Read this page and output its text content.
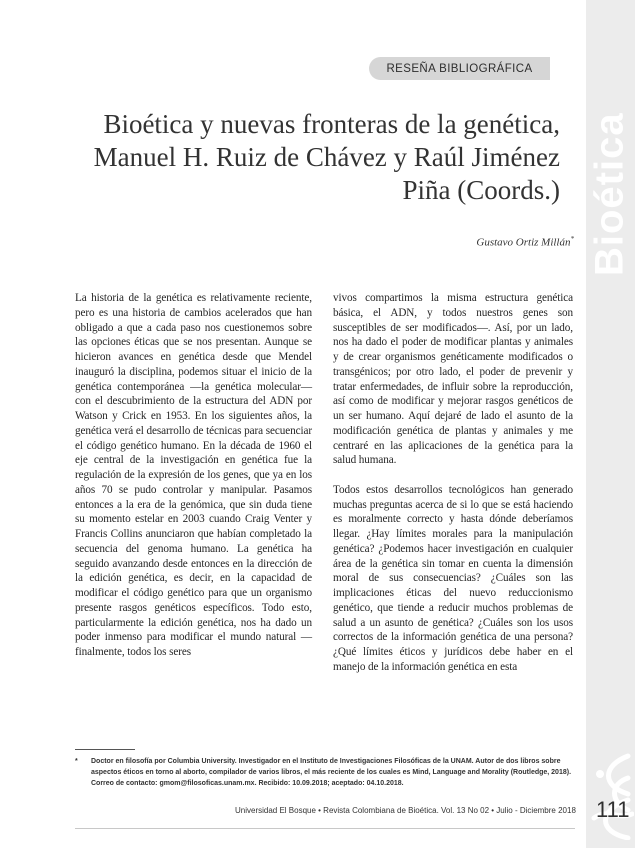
Bioética
RESEÑA BIBLIOGRÁFICA
Bioética y nuevas fronteras de la genética,
Manuel H. Ruiz de Chávez y Raúl Jiménez
Piña (Coords.)
Gustavo Ortiz Millán*

La historia de la genética es relativamente reciente, pero es una historia de cambios acelerados que han obligado a que a cada paso nos cuestionemos sobre las opciones éticas que se nos presentan. Aunque se hicieron avances en genética desde que Mendel inauguró la disciplina, podemos situar el inicio de la genética contemporánea —la genética molecular— con el descubrimiento de la estructura del ADN por Watson y Crick en 1953. En los siguientes años, la genética verá el desarrollo de técnicas para secuenciar el código genético humano. En la década de 1960 el eje central de la investigación en genética fue la regulación de la expresión de los genes, que ya en los años 70 se pudo controlar y manipular. Pasamos entonces a la era de la genómica, que sin duda tiene su momento estelar en 2003 cuando Craig Venter y Francis Collins anunciaron que habían completado la secuencia del genoma humano. La genética ha seguido avanzando desde entonces en la dirección de la edición genética, es decir, en la capacidad de modificar el código genético para que un organismo presente rasgos genéticos específicos. Todo esto, particularmente la edición genética, nos ha dado un poder inmenso para modificar el mundo natural —finalmente, todos los seres

vivos compartimos la misma estructura genética básica, el ADN, y todos nuestros genes son susceptibles de ser modificados—. Así, por un lado, nos ha dado el poder de modificar plantas y animales y de crear organismos genéticamente modificados o transgénicos; por otro lado, el poder de prevenir y tratar enfermedades, de influir sobre la reproducción, así como de modificar y mejorar rasgos genéticos de un ser humano. Aquí dejaré de lado el asunto de la modificación genética de plantas y animales y me centraré en las aplicaciones de la genética para la salud humana.

Todos estos desarrollos tecnológicos han generado muchas preguntas acerca de si lo que se está haciendo es moralmente correcto y hasta dónde deberíamos llegar. ¿Hay límites morales para la manipulación genética? ¿Podemos hacer investigación en cualquier área de la genética sin tomar en cuenta la dimensión moral de sus consecuencias? ¿Cuáles son las implicaciones éticas del nuevo reduccionismo genético, que tiende a reducir muchos problemas de salud a un asunto de genética? ¿Cuáles son los usos correctos de la información genética de una persona? ¿Qué límites éticos y jurídicos debe haber en el manejo de la información genética en esta

*	Doctor en filosofía por Columbia University. Investigador en el Instituto de Investigaciones Filosóficas de la UNAM. Autor de dos libros sobre aspectos éticos en torno al aborto, compilador de varios libros, el más reciente de los cuales es Mind, Language and Morality (Routledge, 2018). Correo de contacto: gmom@filosoficas.unam.mx. Recibido: 10.09.2018; aceptado: 04.10.2018.
Universidad El Bosque • Revista Colombiana de Bioética. Vol. 13 No 02 • Julio - Diciembre 2018 111
